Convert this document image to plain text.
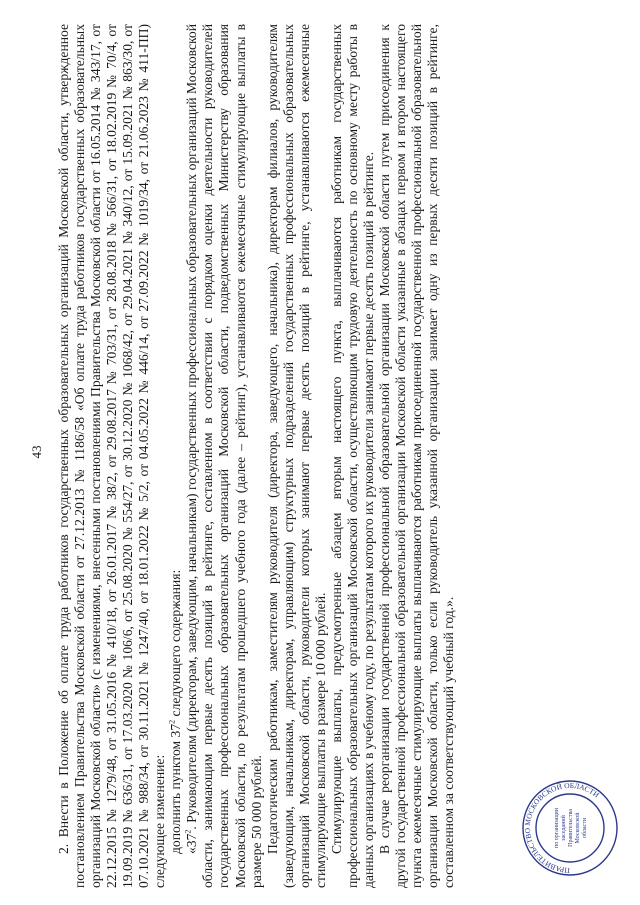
43 2. Внести в Положение об оплате труда работников государственных образовательных организаций Московской области, утвержденное постановлением Правительства Московской области от 27.12.2013 № 1186/58 «Об оплате труда работников государственных образовательных организаций Московской области» (с изменениями, внесенными постановлениями Правительства Московской области от 16.05.2014 № 343/17, от 22.12.2015 № 1279/48, от 31.05.2016 № 410/18, от 26.01.2017 № 38/2, от 29.08.2017 № 703/31, от 28.08.2018 № 566/31, от 18.02.2019 № 70/4, от 19.09.2019 № 636/31, от 17.03.2020 № 106/6, от 25.08.2020 № 554/27, от 30.12.2020 № 1068/42, от 29.04.2021 № 340/12, от 15.09.2021 № 863/30, от 07.10.2021 № 988/34, от 30.11.2021 № 1247/40, от 18.01.2022 № 5/2, от 04.05.2022 № 446/14, от 27.09.2022 № 1019/34, от 21.06.2023 № 411-ПП) следующее изменение: дополнить пунктом $37^2$ следующего содержания:

«$37^2$. Руководителям (директорам, заведующим, начальникам) государственных профессиональных образовательных организаций Московской области, занимающим первые десять позиций в рейтинге, составленном в соответствии с порядком оценки деятельности руководителей государственных профессиональных образовательных организаций Московской области, подведомственных Министерству образования Московской области, по результатам прошедшего учебного года (далее – рейтинг), устанавливаются ежемесячные стимулирующие выплаты в размере 50 000 рублей. Педагогическим работникам, заместителям руководителя (директора, заведующего, начальника), директорам филиалов, руководителям (заведующим, начальникам, директорам, управляющим) структурных подразделений государственных профессиональных образовательных организаций Московской области, руководители которых занимают первые десять позиций в рейтинге, устанавливаются ежемесячные стимулирующие выплаты в размере 10 000 рублей. Стимулирующие выплаты, предусмотренные абзацем вторым настоящего пункта, выплачиваются работникам государственных профессиональных образовательных организаций Московской области, осуществляющим трудовую деятельность по основному месту работы в данных организациях в учебному году, по результатам которого их руководители занимают первые десять позиций в рейтинге. В случае реорганизации государственной профессиональной образовательной организации Московской области путем присоединения к другой государственной профессиональной образовательной организации Московской области указанные в абзацах первом и втором настоящего пункта ежемесячные стимулирующие выплаты выплачиваются работникам присоединенной государственной профессиональной образовательной организации Московской области, только если руководитель указанной организации занимает одну из первых десяти позиций в рейтинге, составленном за соответствующий учебный год.».	ПРАВИТЕЛЬСТВО МОСКОВСКОЙ ОБЛАСТИ
по организациизаседанийПравительстваМосковскойобласти
